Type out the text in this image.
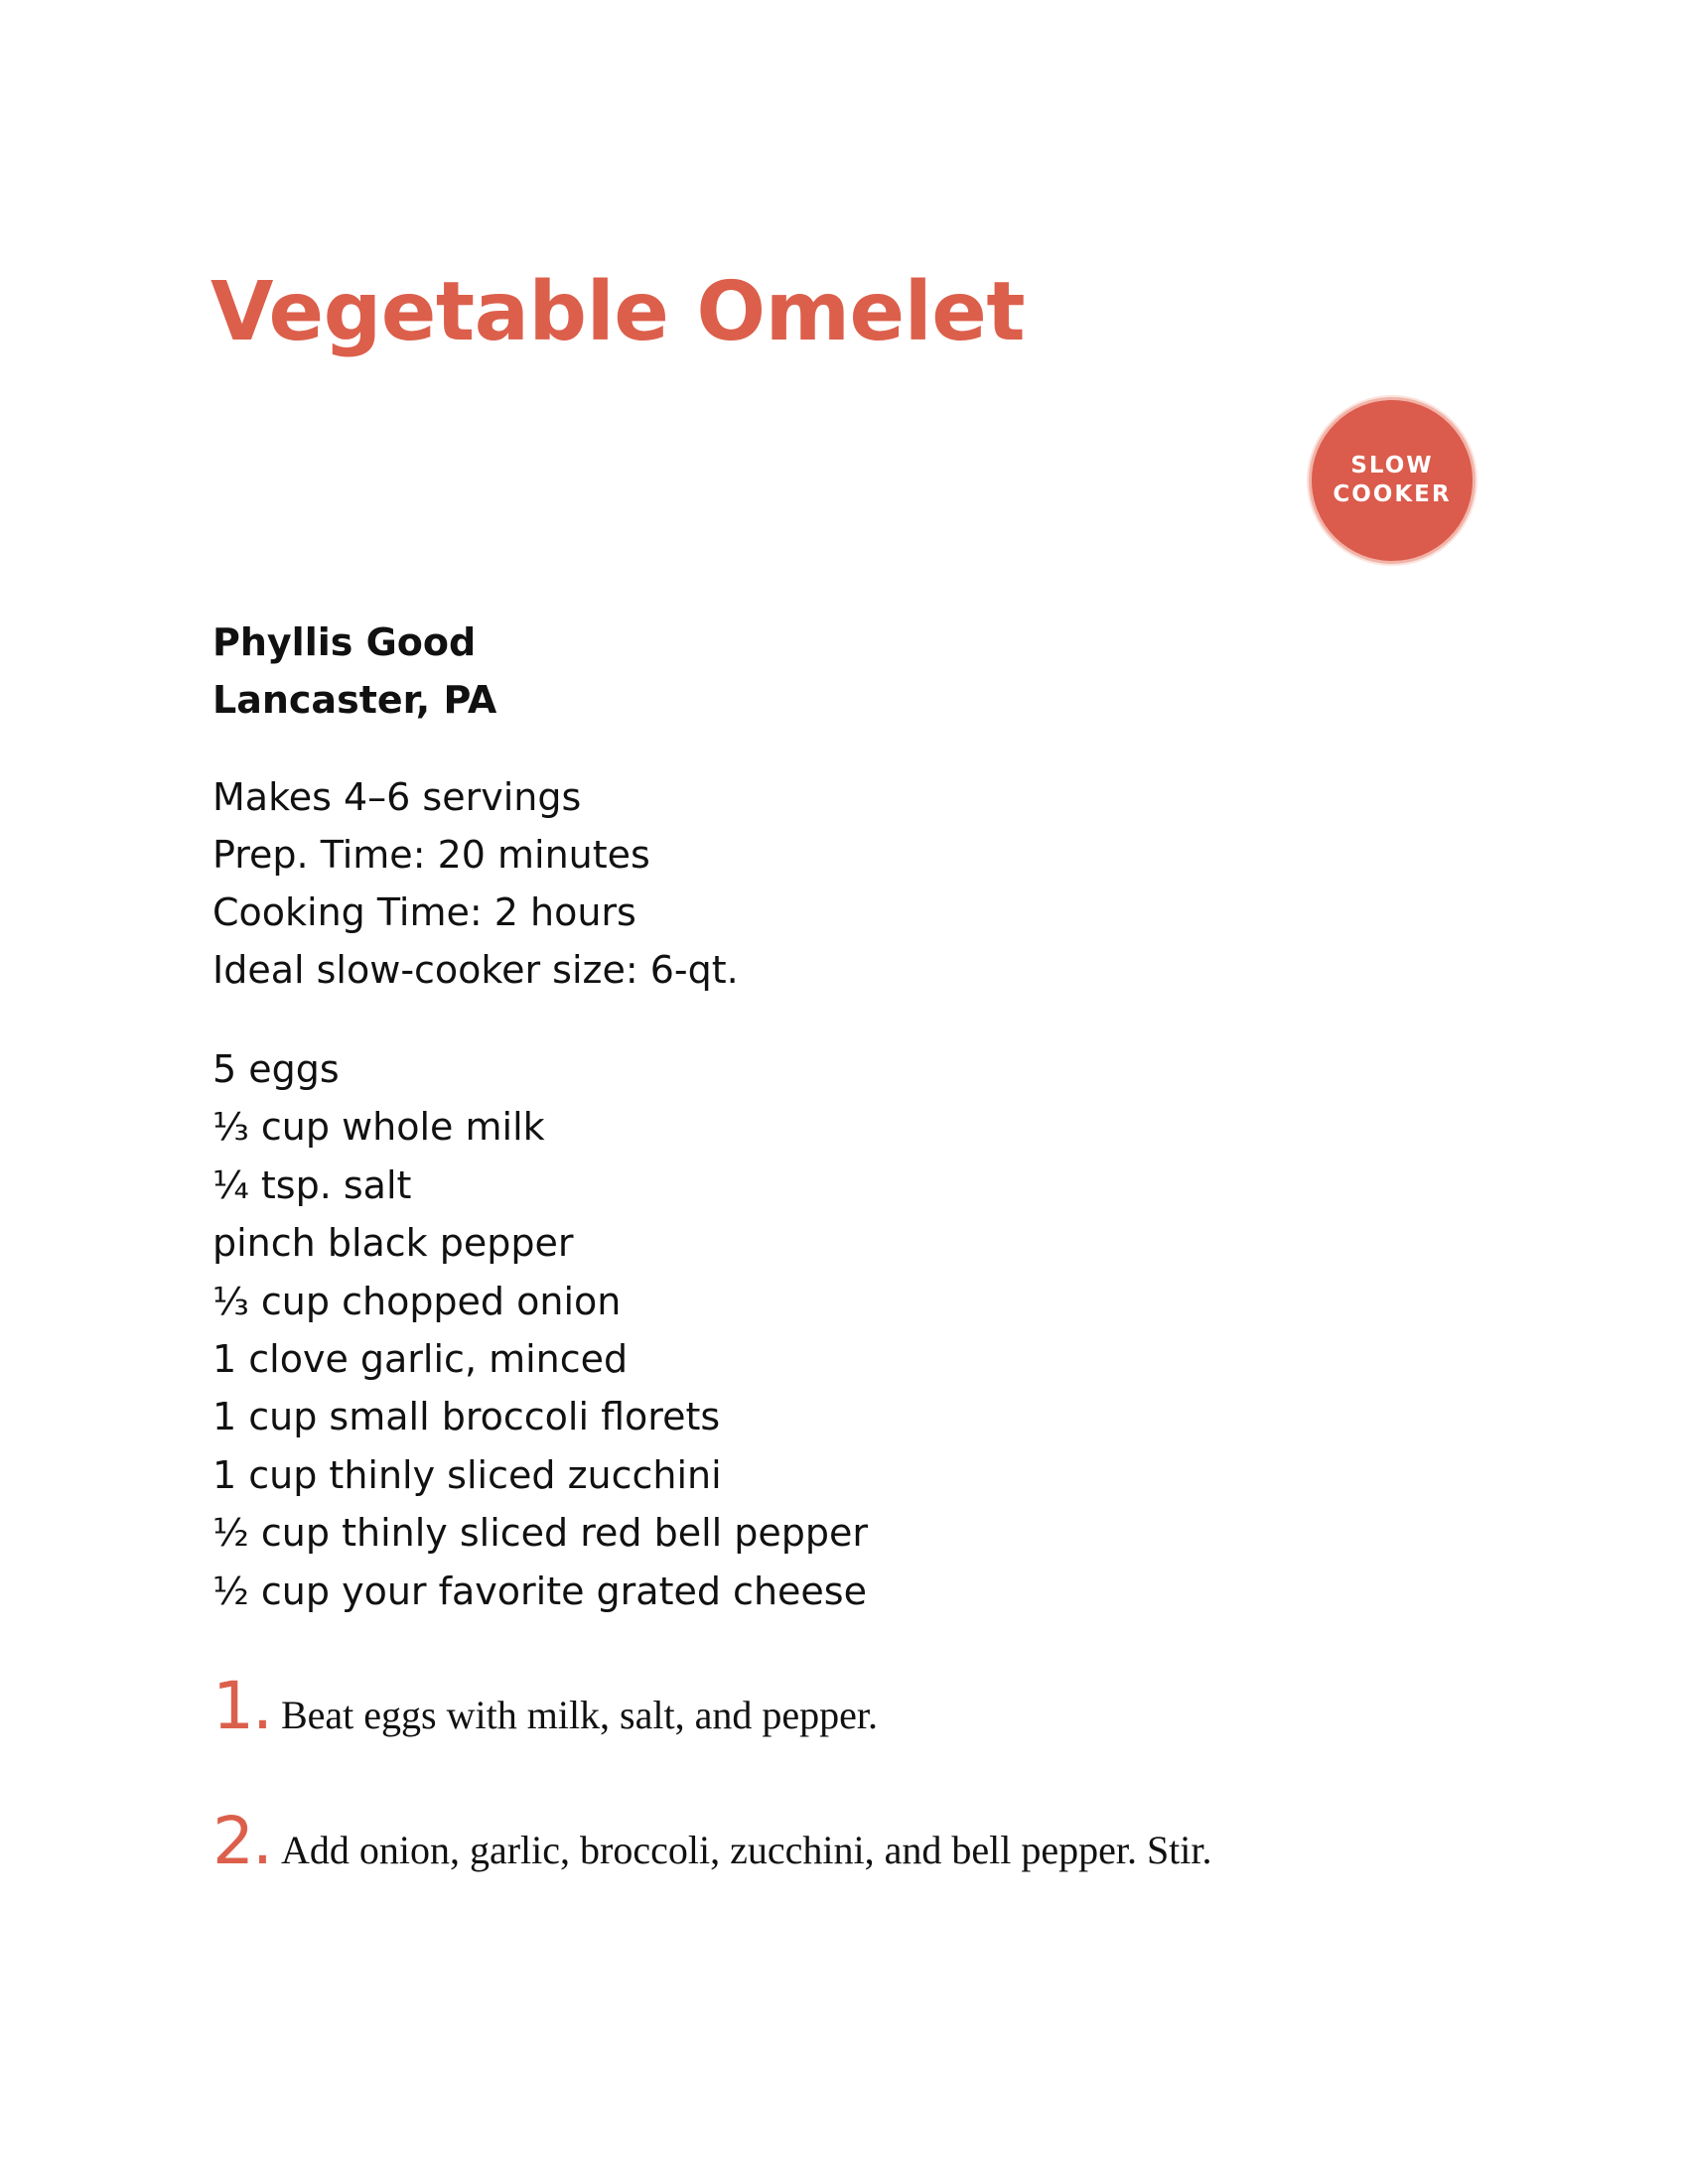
Vegetable Omelet
SLOW
COOKER
Phyllis Good
Lancaster, PA
Makes 4–6 servings
Prep. Time: 20 minutes
Cooking Time: 2 hours
Ideal slow-cooker size: 6-qt.
5 eggs
⅓ cup whole milk
¼ tsp. salt
pinch black pepper
⅓ cup chopped onion
1 clove garlic, minced
1 cup small broccoli florets
1 cup thinly sliced zucchini
½ cup thinly sliced red bell pepper
½ cup your favorite grated cheese
1. Beat eggs with milk, salt, and pepper.
2. Add onion, garlic, broccoli, zucchini, and bell pepper. Stir.
